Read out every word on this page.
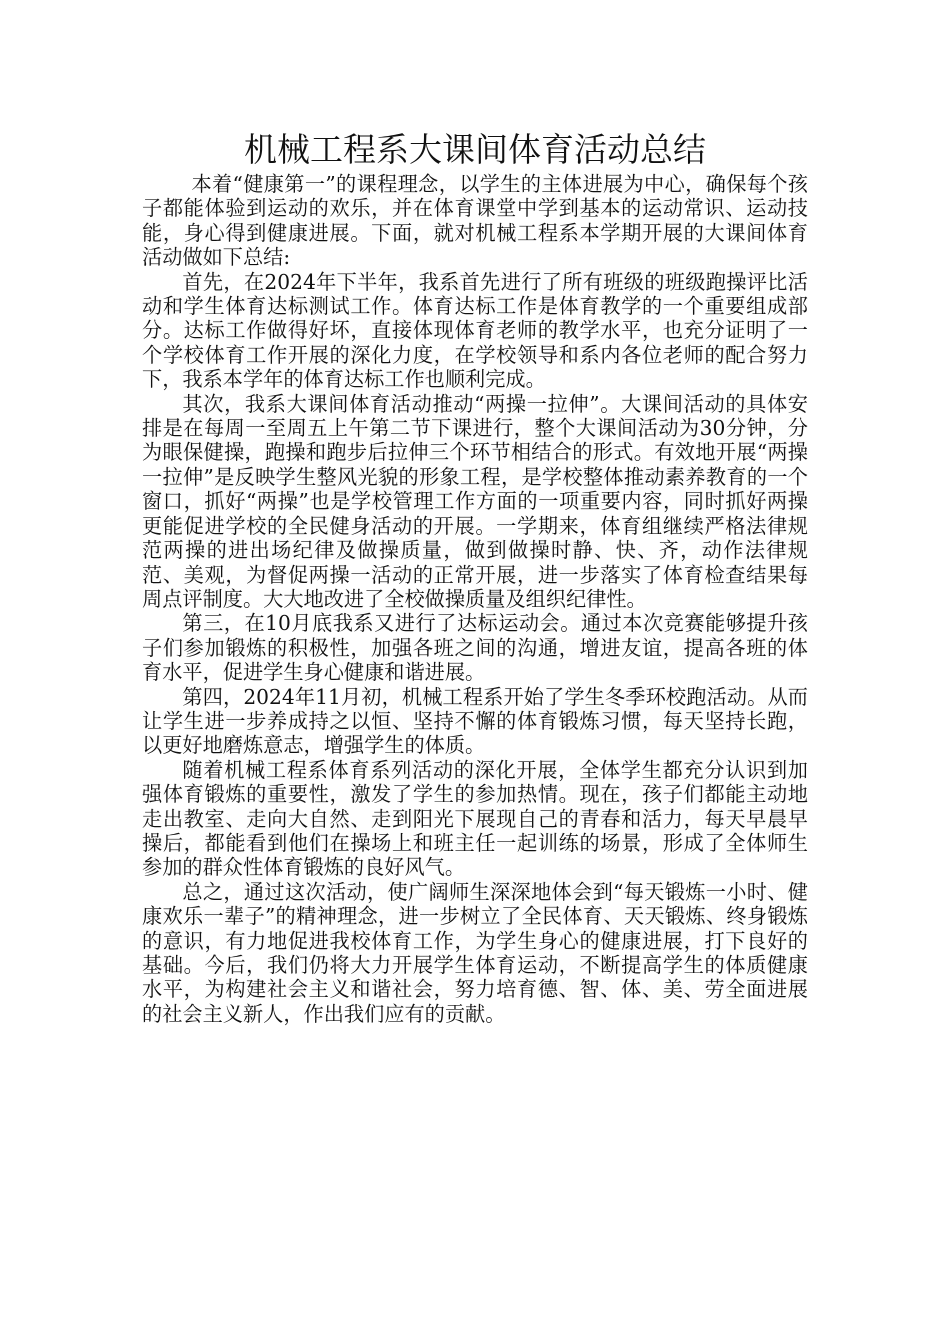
机械工程系大课间体育活动总结

本着“健康第一”的课程理念，以学生的主体进展为中心，确保每个孩子都能体验到运动的欢乐，并在体育课堂中学到基本的运动常识、运动技能，身心得到健康进展。下面，就对机械工程系本学期开展的大课间体育活动做如下总结:

首先，在2024年下半年，我系首先进行了所有班级的班级跑操评比活动和学生体育达标测试工作。体育达标工作是体育教学的一个重要组成部分。达标工作做得好坏，直接体现体育老师的教学水平，也充分证明了一个学校体育工作开展的深化力度，在学校领导和系内各位老师的配合努力下，我系本学年的体育达标工作也顺利完成。

其次，我系大课间体育活动推动“两操一拉伸”。大课间活动的具体安排是在每周一至周五上午第二节下课进行，整个大课间活动为30分钟，分为眼保健操，跑操和跑步后拉伸三个环节相结合的形式。有效地开展“两操一拉伸”是反映学生整风光貌的形象工程，是学校整体推动素养教育的一个窗口，抓好“两操”也是学校管理工作方面的一项重要内容，同时抓好两操更能促进学校的全民健身活动的开展。一学期来，体育组继续严格法律规范两操的进出场纪律及做操质量，做到做操时静、快、齐，动作法律规范、美观，为督促两操一活动的正常开展，进一步落实了体育检查结果每周点评制度。大大地改进了全校做操质量及组织纪律性。

第三，在10月底我系又进行了达标运动会。通过本次竞赛能够提升孩子们参加锻炼的积极性，加强各班之间的沟通，增进友谊，提高各班的体育水平，促进学生身心健康和谐进展。

第四，2024年11月初，机械工程系开始了学生冬季环校跑活动。从而让学生进一步养成持之以恒、坚持不懈的体育锻炼习惯，每天坚持长跑，以更好地磨炼意志，增强学生的体质。

随着机械工程系体育系列活动的深化开展，全体学生都充分认识到加强体育锻炼的重要性，激发了学生的参加热情。现在，孩子们都能主动地走出教室、走向大自然、走到阳光下展现自己的青春和活力，每天早晨早操后，都能看到他们在操场上和班主任一起训练的场景，形成了全体师生参加的群众性体育锻炼的良好风气。

总之，通过这次活动，使广阔师生深深地体会到“每天锻炼一小时、健康欢乐一辈子”的精神理念，进一步树立了全民体育、天天锻炼、终身锻炼的意识，有力地促进我校体育工作，为学生身心的健康进展，打下良好的基础。今后，我们仍将大力开展学生体育运动，不断提高学生的体质健康水平，为构建社会主义和谐社会，努力培育德、智、体、美、劳全面进展的社会主义新人，作出我们应有的贡献。
